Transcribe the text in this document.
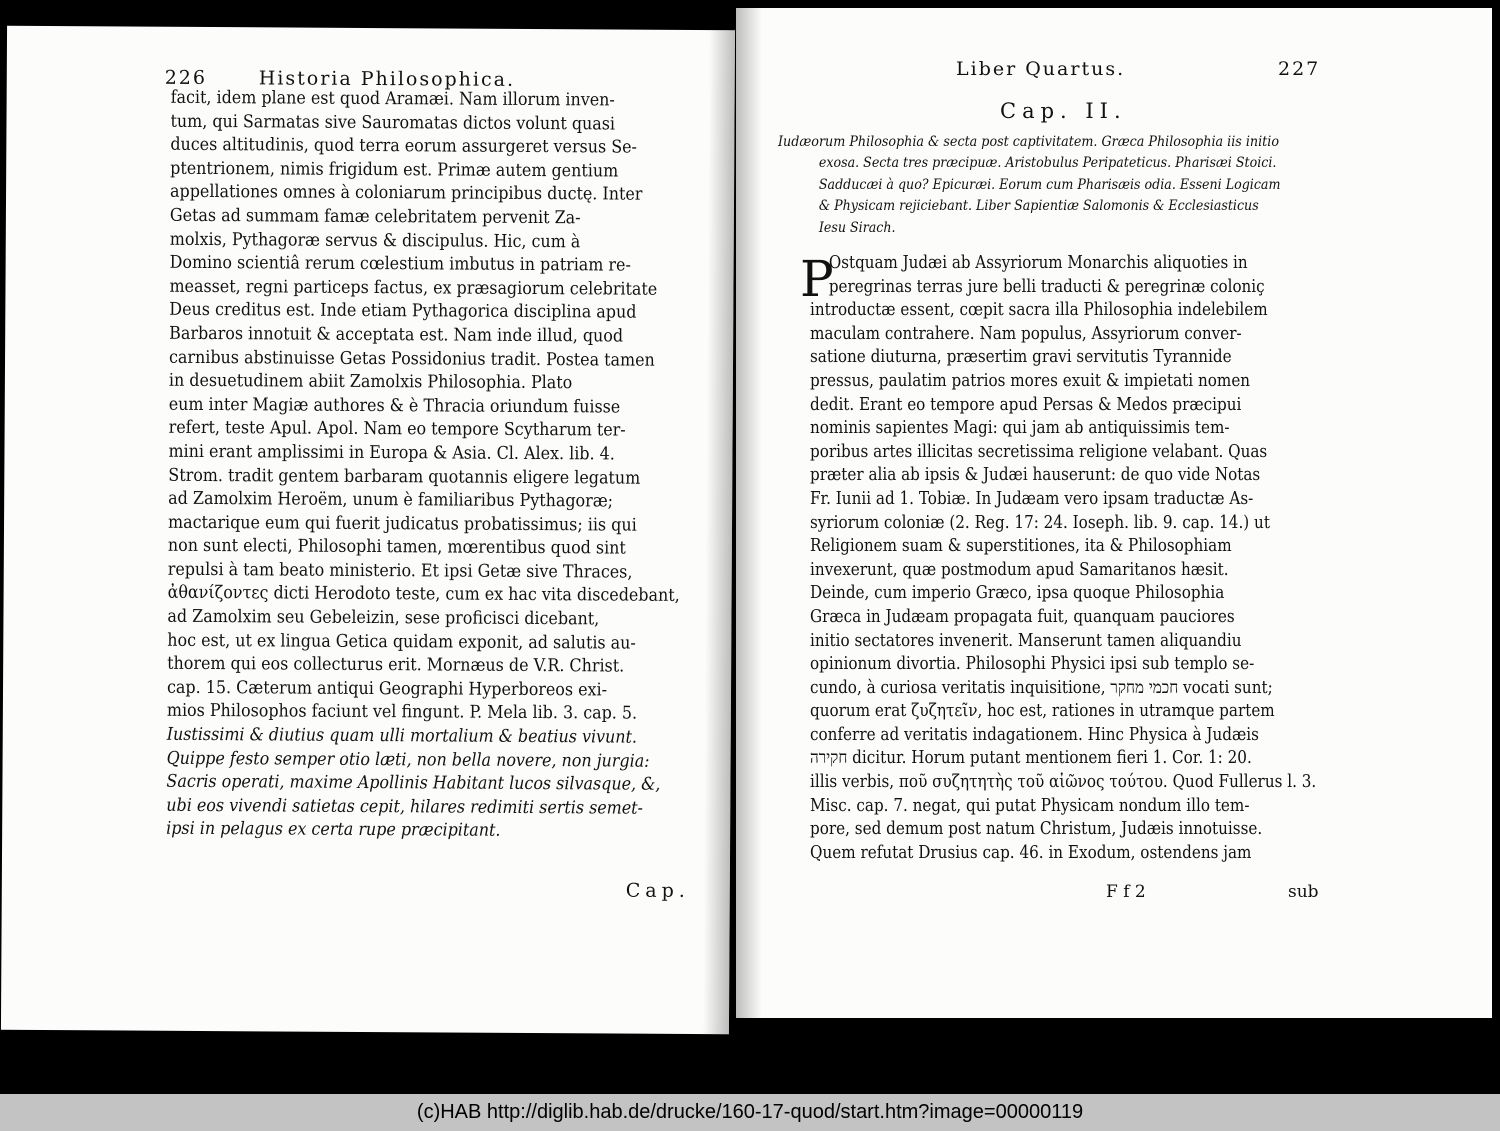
226	Historia Philosophica.
facit, idem plane est quod Aramæi. Nam illorum inven-
tum, qui Sarmatas sive Sauromatas dictos volunt quasi
duces altitudinis, quod terra eorum assurgeret versus Se-
ptentrionem, nimis frigidum est. Primæ autem gentium
appellationes omnes à coloniarum principibus ductę. Inter
Getas ad summam famæ celebritatem pervenit Za-
molxis, Pythagoræ servus & discipulus. Hic, cum à
Domino scientiâ rerum cœlestium imbutus in patriam re-
measset, regni particeps factus, ex præsagiorum celebritate
Deus creditus est. Inde etiam Pythagorica disciplina apud
Barbaros innotuit & acceptata est. Nam inde illud, quod
carnibus abstinuisse Getas Possidonius tradit. Postea tamen
in desuetudinem abiit Zamolxis Philosophia. Plato
eum inter Magiæ authores & è Thracia oriundum fuisse
refert, teste Apul. Apol. Nam eo tempore Scytharum ter-
mini erant amplissimi in Europa & Asia. Cl. Alex. lib. 4.
Strom. tradit gentem barbaram quotannis eligere legatum
ad Zamolxim Heroëm, unum è familiaribus Pythagoræ;
mactarique eum qui fuerit judicatus probatissimus; iis qui
non sunt electi, Philosophi tamen, mœrentibus quod sint
repulsi à tam beato ministerio. Et ipsi Getæ sive Thraces,
ἀθανίζοντες dicti Herodoto teste, cum ex hac vita discedebant,
ad Zamolxim seu Gebeleizin, sese proficisci dicebant,
hoc est, ut ex lingua Getica quidam exponit, ad salutis au-
thorem qui eos collecturus erit. Mornæus de V.R. Christ.
cap. 15. Cæterum antiqui Geographi Hyperboreos exi-
mios Philosophos faciunt vel fingunt. P. Mela lib. 3. cap. 5.
Iustissimi & diutius quam ulli mortalium & beatius vivunt.
Quippe festo semper otio læti, non bella novere, non jurgia:
Sacris operati, maxime Apollinis Habitant lucos silvasque, &,
ubi eos vivendi satietas cepit, hilares redimiti sertis semet-
ipsi in pelagus ex certa rupe præcipitant.
Cap.
Liber Quartus.	227
Cap. II.
Iudæorum Philosophia & secta post captivitatem. Græca Philosophia iis initio
exosa. Secta tres præcipuæ. Aristobulus Peripateticus. Pharisæi Stoici.
Sadducæi à quo? Epicuræi. Eorum cum Pharisæis odia. Esseni Logicam
& Physicam rejiciebant. Liber Sapientiæ Salomonis & Ecclesiasticus
Iesu Sirach.
P
Ostquam Judæi ab Assyriorum Monarchis aliquoties in
peregrinas terras jure belli traducti & peregrinæ coloniç
introductæ essent, cœpit sacra illa Philosophia indelebilem
maculam contrahere. Nam populus, Assyriorum conver-
satione diuturna, præsertim gravi servitutis Tyrannide
pressus, paulatim patrios mores exuit & impietati nomen
dedit. Erant eo tempore apud Persas & Medos præcipui
nominis sapientes Magi: qui jam ab antiquissimis tem-
poribus artes illicitas secretissima religione velabant. Quas
præter alia ab ipsis & Judæi hauserunt: de quo vide Notas
Fr. Iunii ad 1. Tobiæ. In Judæam vero ipsam traductæ As-
syriorum coloniæ (2. Reg. 17: 24. Ioseph. lib. 9. cap. 14.) ut
Religionem suam & superstitiones, ita & Philosophiam
invexerunt, quæ postmodum apud Samaritanos hæsit.
Deinde, cum imperio Græco, ipsa quoque Philosophia
Græca in Judæam propagata fuit, quanquam pauciores
initio sectatores invenerit. Manserunt tamen aliquandiu
opinionum divortia. Philosophi Physici ipsi sub templo se-
cundo, à curiosa veritatis inquisitione, חכמי מחקר vocati sunt;
quorum erat ζυζητεῖν, hoc est, rationes in utramque partem
conferre ad veritatis indagationem. Hinc Physica à Judæis
חקירה dicitur. Horum putant mentionem fieri 1. Cor. 1: 20.
illis verbis, ποῦ συζητητὴς τοῦ αἰῶνος τούτου. Quod Fullerus l. 3.
Misc. cap. 7. negat, qui putat Physicam nondum illo tem-
pore, sed demum post natum Christum, Judæis innotuisse.
Quem refutat Drusius cap. 46. in Exodum, ostendens jam
F f 2	sub
(c)HAB http://diglib.hab.de/drucke/160-17-quod/start.htm?image=00000119
